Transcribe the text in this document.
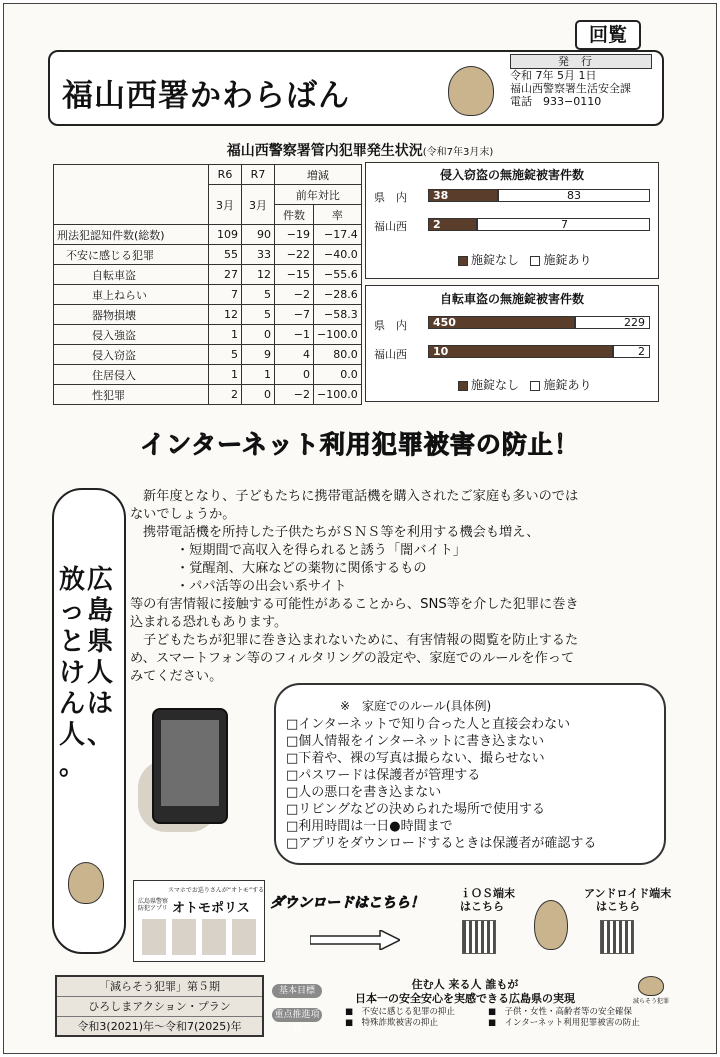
回覧
福山西署かわらばん
発行
令和 7年 5月 1日
福山西警察署生活安全課
電話　933−0110
福山西警察署管内犯罪発生状況(令和7年3月末)
	R6	R7	増減	
	3月	3月	前年対比	
			件数	率
刑法犯認知件数(総数)	109	90	−19	−17.4
不安に感じる犯罪	55	33	−22	−40.0
自転車盗	27	12	−15	−55.6
車上ねらい	7	5	−2	−28.6
器物損壊	12	5	−7	−58.3
侵入強盗	1	0	−1	−100.0
侵入窃盗	5	9	4	80.0
住居侵入	1	1	0	0.0
性犯罪	2	0	−2	−100.0
侵入窃盗の無施錠被害件数
県　内
福山西
38	83
2	7
施錠なし 施錠あり
自転車盗の無施錠被害件数
県　内
福山西
450	229
10	2
施錠なし 施錠あり
インターネット利用犯罪被害の防止！
広
島
県
人
は
、
放
っ
と
け
ん
人
。

新年度となり、子どもたちに携帯電話機を購入されたご家庭も多いのでは

ないでしょうか。

携帯電話機を所持した子供たちがＳＮＳ等を利用する機会も増え、

・短期間で高収入を得られると誘う「闇バイト」

・覚醒剤、大麻などの薬物に関係するもの

・パパ活等の出会い系サイト

等の有害情報に接触する可能性があることから、SNS等を介した犯罪に巻き

込まれる恐れもあります。

子どもたちが犯罪に巻き込まれないために、有害情報の閲覧を防止するた

め、スマートフォン等のフィルタリングの設定や、家庭でのルールを作って

みてください。

※　家庭でのルール(具体例)
□インターネットで知り合った人と直接会わない
□個人情報をインターネットに書き込まない
□下着や、裸の写真は撮らない、撮らせない
□パスワードは保護者が管理する
□人の悪口を書き込まない
□リビングなどの決められた場所で使用する
□利用時間は一日●時間まで
□アプリをダウンロードするときは保護者が確認する
スマホでお巡りさんが“オトモ”する
広島県警察防犯アプリ オトモポリス ダウンロードはこちら！
ｉＯＳ端末
はこちら
アンドロイド端末
はこちら
「減らそう犯罪」第５期
ひろしまアクション・プラン
令和3(2021)年〜令和7(2025)年
基本目標
重点推進項目
住む人 来る人 誰もが
日本一の安全安心を実感できる広島県の実現
■　不安に感じる犯罪の抑止
■　特殊詐欺被害の抑止
■　子供・女性・高齢者等の安全確保
■　インターネット利用犯罪被害の防止
減らそう犯罪
